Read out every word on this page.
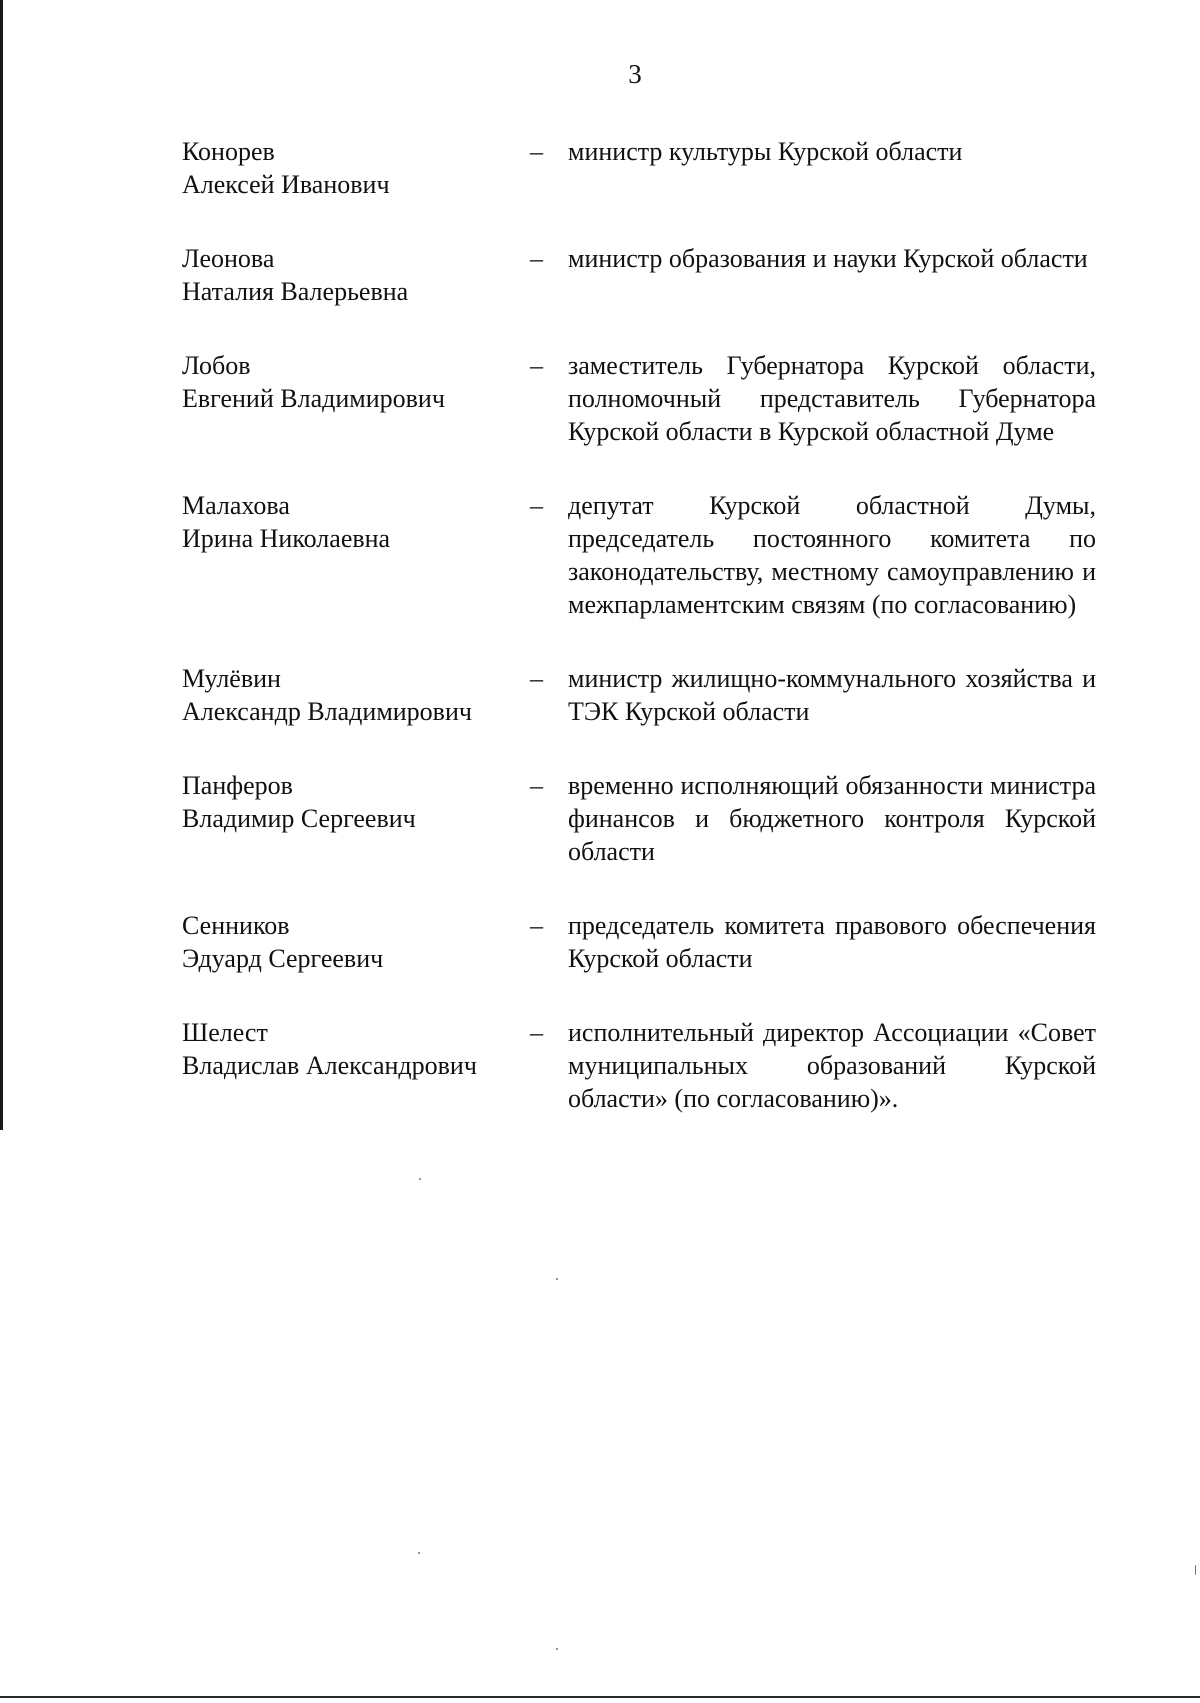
3
Конорев
Алексей Иванович
– министр культуры Курской области
Леонова
Наталия Валерьевна
– министр образования и науки Курской области
Лобов
Евгений Владимирович
– заместитель Губернатора Курской области, полномочный представитель Губернатора Курской области в Курской областной Думе
Малахова
Ирина Николаевна
– депутат Курской областной Думы, председатель постоянного комитета по законодательству, местному самоуправлению и межпарламентским связям (по согласованию)
Мулёвин
Александр Владимирович
– министр жилищно-коммунального хозяйства и ТЭК Курской области
Панферов
Владимир Сергеевич
– временно исполняющий обязанности министра финансов и бюджетного контроля Курской области
Сенников
Эдуард Сергеевич
– председатель комитета правового обеспечения Курской области
Шелест
Владислав Александрович
– исполнительный директор Ассоциации «Совет муниципальных образований Курской области» (по согласованию)».
